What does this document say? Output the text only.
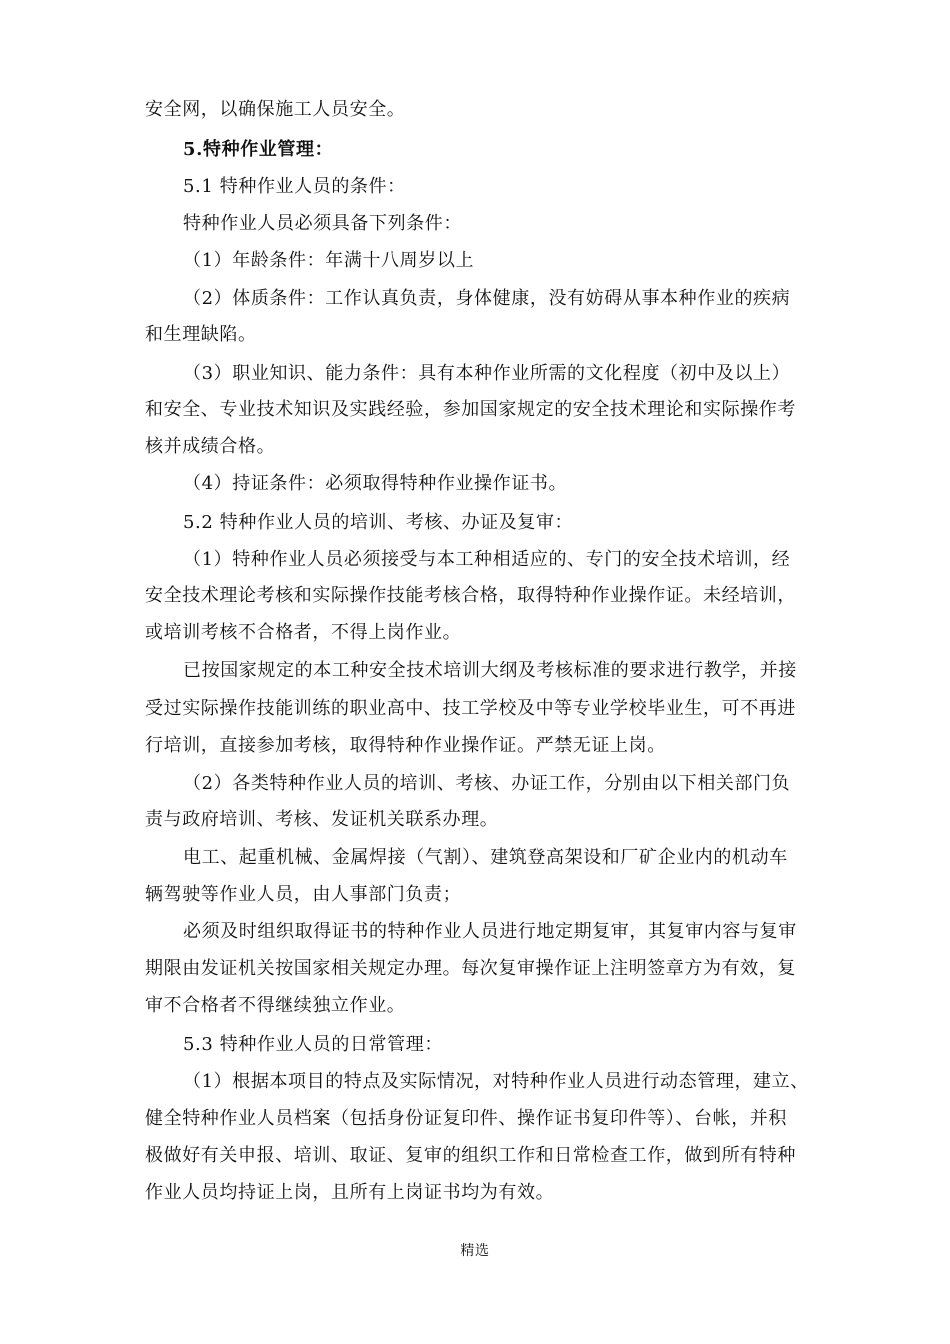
安全网，以确保施工人员安全。
5.特种作业管理：
5.1 特种作业人员的条件：
特种作业人员必须具备下列条件：
（1）年龄条件：年满十八周岁以上
（2）体质条件：工作认真负责，身体健康，没有妨碍从事本种作业的疾病
和生理缺陷。
（3）职业知识、能力条件：具有本种作业所需的文化程度（初中及以上）
和安全、专业技术知识及实践经验，参加国家规定的安全技术理论和实际操作考
核并成绩合格。
（4）持证条件：必须取得特种作业操作证书。
5.2 特种作业人员的培训、考核、办证及复审：
（1）特种作业人员必须接受与本工种相适应的、专门的安全技术培训，经
安全技术理论考核和实际操作技能考核合格，取得特种作业操作证。未经培训，
或培训考核不合格者，不得上岗作业。
已按国家规定的本工种安全技术培训大纲及考核标准的要求进行教学，并接
受过实际操作技能训练的职业高中、技工学校及中等专业学校毕业生，可不再进
行培训，直接参加考核，取得特种作业操作证。严禁无证上岗。
（2）各类特种作业人员的培训、考核、办证工作，分别由以下相关部门负
责与政府培训、考核、发证机关联系办理。
电工、起重机械、金属焊接（气割）、建筑登高架设和厂矿企业内的机动车
辆驾驶等作业人员，由人事部门负责；
必须及时组织取得证书的特种作业人员进行地定期复审，其复审内容与复审
期限由发证机关按国家相关规定办理。每次复审操作证上注明签章方为有效，复
审不合格者不得继续独立作业。
5.3 特种作业人员的日常管理：
（1）根据本项目的特点及实际情况，对特种作业人员进行动态管理，建立、
健全特种作业人员档案（包括身份证复印件、操作证书复印件等）、台帐，并积
极做好有关申报、培训、取证、复审的组织工作和日常检查工作，做到所有特种
作业人员均持证上岗，且所有上岗证书均为有效。
精选
